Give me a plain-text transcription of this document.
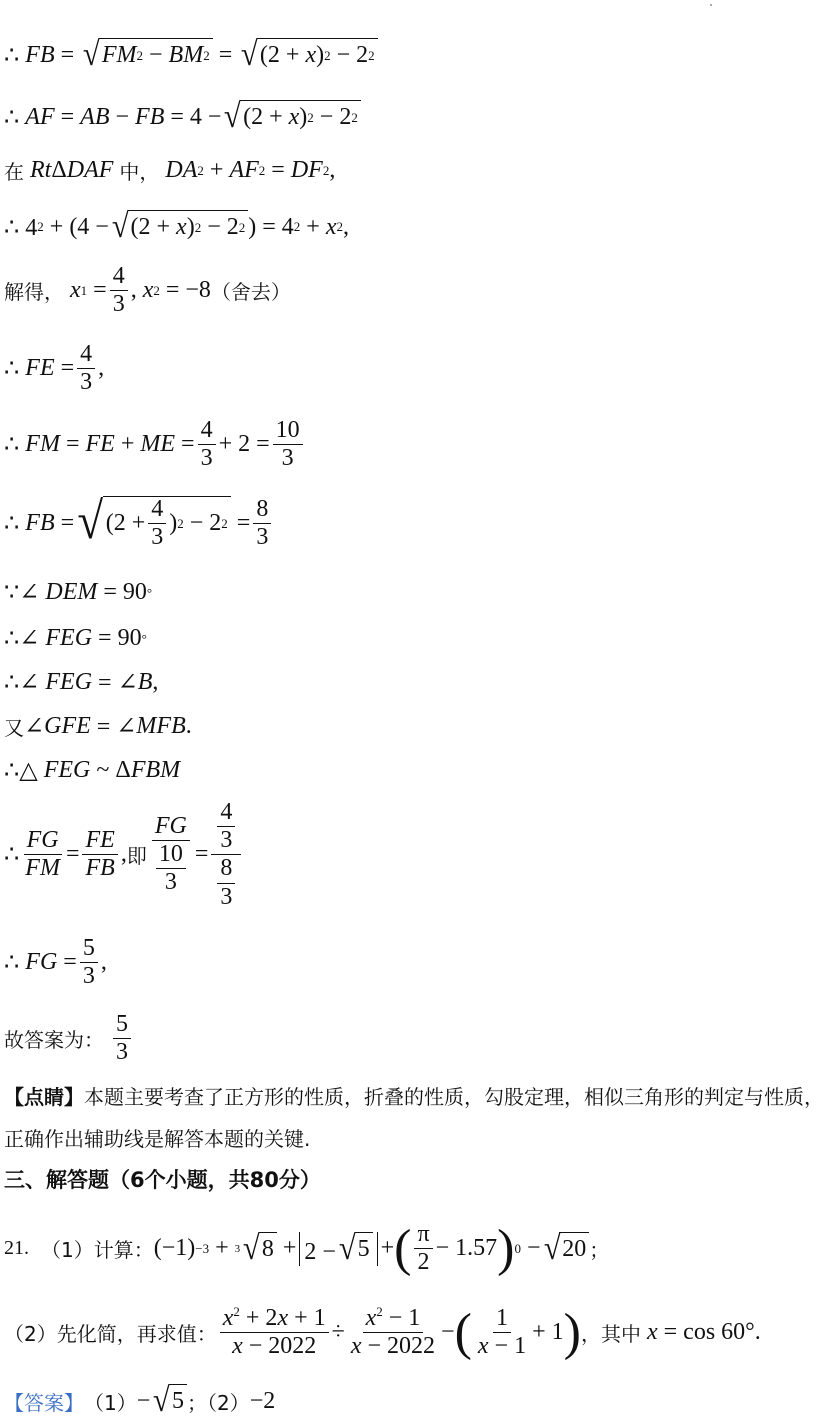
∴ FB = √ FM 2 − BM 2 = √ (2 + x ) 2 − 2 2
∴ AF = AB − FB = 4 − √ (2 + x ) 2 − 2 2
在
Rt Δ DAF
中，
DA 2 + AF 2 = DF 2 ,
∴ 4 2 + (4 − √ (2 + x ) 2 − 2 2 ) = 4 2 + x 2 ,
解得，
x $1 = \frac{4}{3}$ , x 2 = −8 （舍去）
∴ FE = $\frac{4}{3}$ ,
∴ FM = FE + ME = $\frac{4}{3} + 2 = \frac{10}{3}$
∴ FB = √ ($2 + \frac{4}{3}$ ) 2 − 2 $2 = \frac{8}{3}$
∵∠ DEM = 90 °
∴∠ FEG = 90 °
∴∠ FEG = ∠ B ,
又 ∠ GFE = ∠ MFB .
∴△ FEG ~ Δ FBM
∴ $\frac{FG}{FM} = \frac{FE}{FB}$ , 即 $\frac{FG}{\frac{10}{3}} = \frac{\frac{4}{3}}{\frac{8}{3}}$
∴ FG = $\frac{5}{3}$ ,
故答案为：
$\frac{5}{3}$
【点睛】本题主要考查了正方形的性质，折叠的性质，勾股定理，相似三角形的判定与性质，正确作出辅助线是解答本题的关键.
三、解答题（6个小题，共80分）
21.
（1）计算： (−1) −3 + 3 √ 8 + 2 − √ 5 + ( $\frac{\pi}{2} - 1.57$ ) 0 − √ 20 ；
（2）先化简，再求值： $\frac{x^2 + 2x + 1}{x - 2022} \div \frac{x^2 - 1}{x - 2022}$ − ( $\frac{1}{x - 1} + 1$ ) ，其中
x = cos 60°.
【答案】 （1） − √ 5 ；（2） −2
